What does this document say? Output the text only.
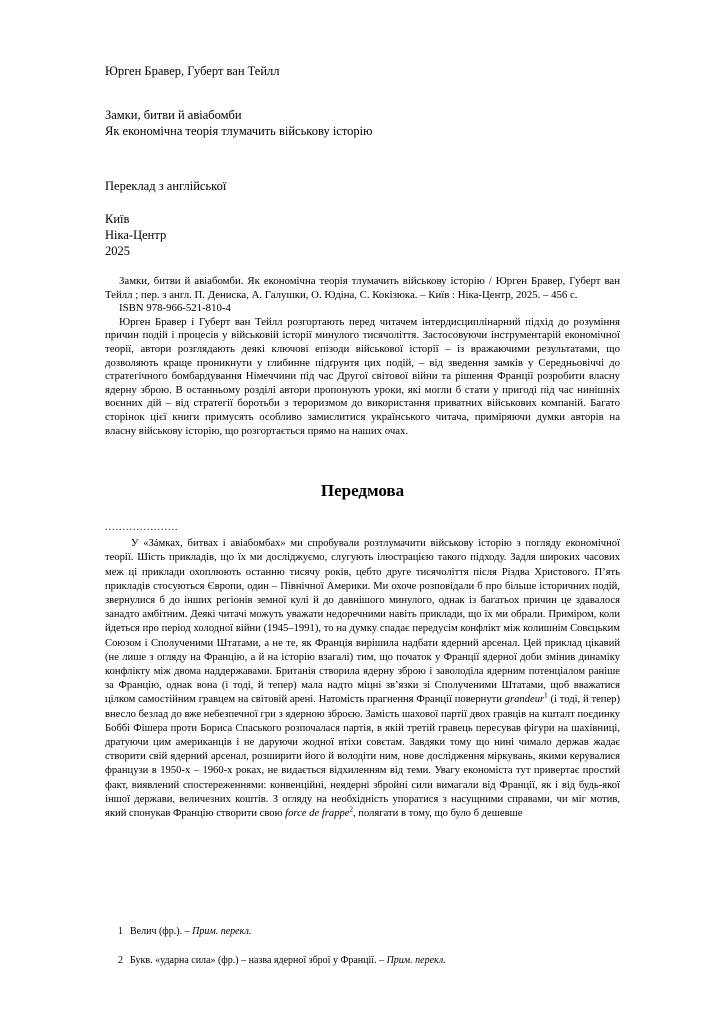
Юрген Бравер, Губерт ван Тейлл

Замки, битви й авіабомби
Як економічна теорія тлумачить військову історію

Переклад з англійської

Київ
Ніка-Центр
2025

Замки, битви й авіабомби. Як економічна теорія тлумачить військову історію / Юрген Бравер, Губерт ван Тейлл ; пер. з англ. П. Дениска, А. Галушки, О. Юдіна, С. Кокізюка. – Київ : Ніка-Центр, 2025. – 456 с.

ISBN 978-966-521-810-4

Юрген Бравер і Губерт ван Тейлл розгортають перед читачем інтердисциплінарний підхід до розуміння причин подій і процесів у військовій історії минулого тисячоліття. Застосовуючи інструментарій економічної теорії, автори розглядають деякі ключові епізоди військової історії – із вражаючими результатами, що дозволяють краще проникнути у глибинне підґрунтя цих подій, – від зведення замків у Середньовіччі до стратегічного бомбардування Німеччини під час Другої світової війни та рішення Франції розробити власну ядерну зброю. В останньому розділі автори пропонують уроки, які могли б стати у пригоді під час нинішніх воєнних дій – від стратегії боротьби з тероризмом до використання приватних військових компаній. Багато сторінок цієї книги примусять особливо замислитися українського читача, приміряючи думки авторів на власну військову історію, що розгортається прямо на наших очах.

Передмова

.....................

У «Зáмках, битвах і авіабомбах» ми спробували розтлумачити військову історію з погляду економічної теорії. Шість прикладів, що їх ми досліджуємо, слугують ілюстрацією такого підходу. Задля широких часових меж ці приклади охоплюють останню тисячу років, цебто друге тисячоліття після Різдва Христового. П’ять прикладів стосуються Європи, один – Північної Америки. Ми охоче розповідали б про більше історичних подій, звернулися б до інших регіонів земної кулі й до давнішого минулого, однак із багатьох причин це здавалося занадто амбітним. Деякі читачі можуть уважати недоречними навіть приклади, що їх ми обрали. Приміром, коли йдеться про період холодної війни (1945–1991), то на думку спадає передусім конфлікт між колишнім Совєцьким Союзом і Сполученими Штатами, а не те, як Франція вирішила надбати ядерний арсенал. Цей приклад цікавий (не лише з огляду на Францію, а й на історію взагалі) тим, що початок у Франції ядерної доби змінив динаміку конфлікту між двома наддержавами. Британія створила ядерну зброю і заволоділа ядерним потенціалом раніше за Францію, однак вона (і тоді, й тепер) мала надто міцні зв’язки зі Сполученими Штатами, щоб вважатися цілком самостійним гравцем на світовій арені. Натомість прагнення Франції повернути grandeur$^1$ (і тоді, й тепер) внесло безлад до вже небезпечної гри з ядерною зброєю. Замість шахової партії двох гравців на кшталт поєдинку Боббі Фішера проти Бориса Спаського розпочалася партія, в якій третій гравець пересував фігури на шахівниці, дратуючи цим американців і не даруючи жодної втіхи совєтам. Завдяки тому що нині чимало держав жадає створити свій ядерний арсенал, розширити його й володіти ним, нове дослідження міркувань, якими керувалися французи в 1950-х – 1960-х роках, не видається відхиленням від теми. Увагу економіста тут привертає простий факт, виявлений спостереженнями: конвенційні, неядерні збройні сили вимагали від Франції, як і від будь-якої іншої держави, величезних коштів. З огляду на необхідність упоратися з насущними справами, чи міг мотив, який спонукав Францію створити свою force de frappe$^2$, полягати в тому, що було б дешевше

1 Велич (фр.). – Прим. перекл.

2 Букв. «ударна сила» (фр.) – назва ядерної зброї у Франції. – Прим. перекл.
